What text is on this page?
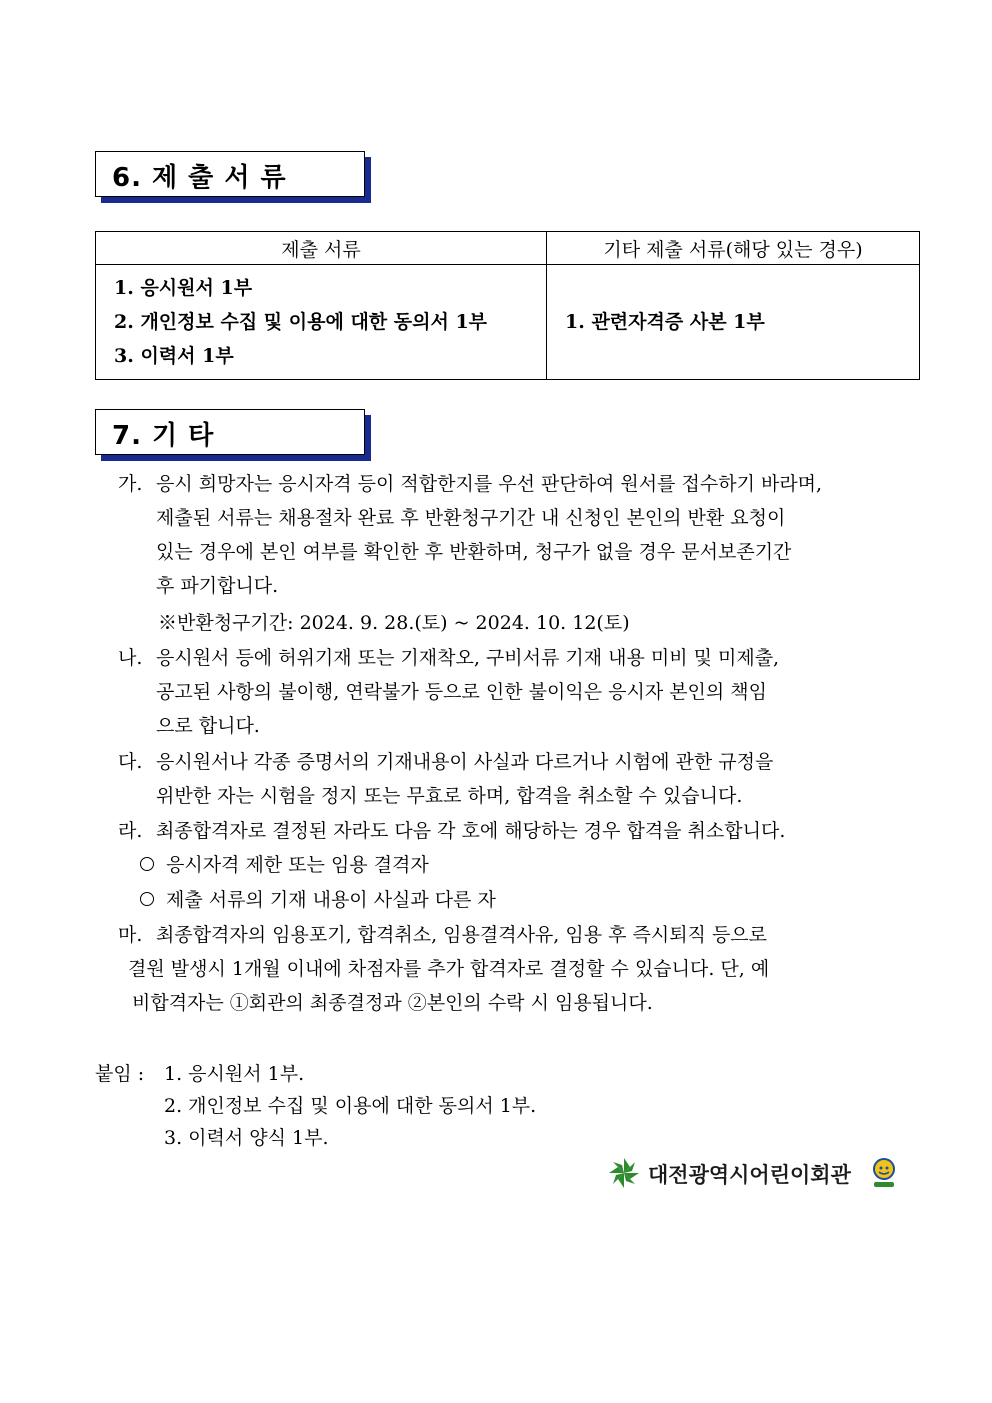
6. 제 출 서 류
제출 서류	기타 제출 서류(해당 있는 경우)

1. 응시원서 1부
2. 개인정보 수집 및 이용에 대한 동의서 1부
3. 이력서 1부	1. 관련자격증 사본 1부
7. 기 타
가. 응시 희망자는 응시자격 등이 적합한지를 우선 판단하여 원서를 접수하기 바라며,
제출된 서류는 채용절차 완료 후 반환청구기간 내 신청인 본인의 반환 요청이
있는 경우에 본인 여부를 확인한 후 반환하며, 청구가 없을 경우 문서보존기간
후 파기합니다.
※반환청구기간: 2024. 9. 28.(토) ~ 2024. 10. 12(토)
나. 응시원서 등에 허위기재 또는 기재착오, 구비서류 기재 내용 미비 및 미제출,
공고된 사항의 불이행, 연락불가 등으로 인한 불이익은 응시자 본인의 책임
으로 합니다.
다. 응시원서나 각종 증명서의 기재내용이 사실과 다르거나 시험에 관한 규정을
위반한 자는 시험을 정지 또는 무효로 하며, 합격을 취소할 수 있습니다.
라. 최종합격자로 결정된 자라도 다음 각 호에 해당하는 경우 합격을 취소합니다.
응시자격 제한 또는 임용 결격자
제출 서류의 기재 내용이 사실과 다른 자
마. 최종합격자의 임용포기, 합격취소, 임용결격사유, 임용 후 즉시퇴직 등으로
결원 발생시 1개월 이내에 차점자를 추가 합격자로 결정할 수 있습니다. 단, 예
비합격자는 ①회관의 최종결정과 ②본인의 수락 시 임용됩니다.
붙임 : 1. 응시원서 1부.
2. 개인정보 수집 및 이용에 대한 동의서 1부.
3. 이력서 양식 1부.
대전광역시어린이회관
